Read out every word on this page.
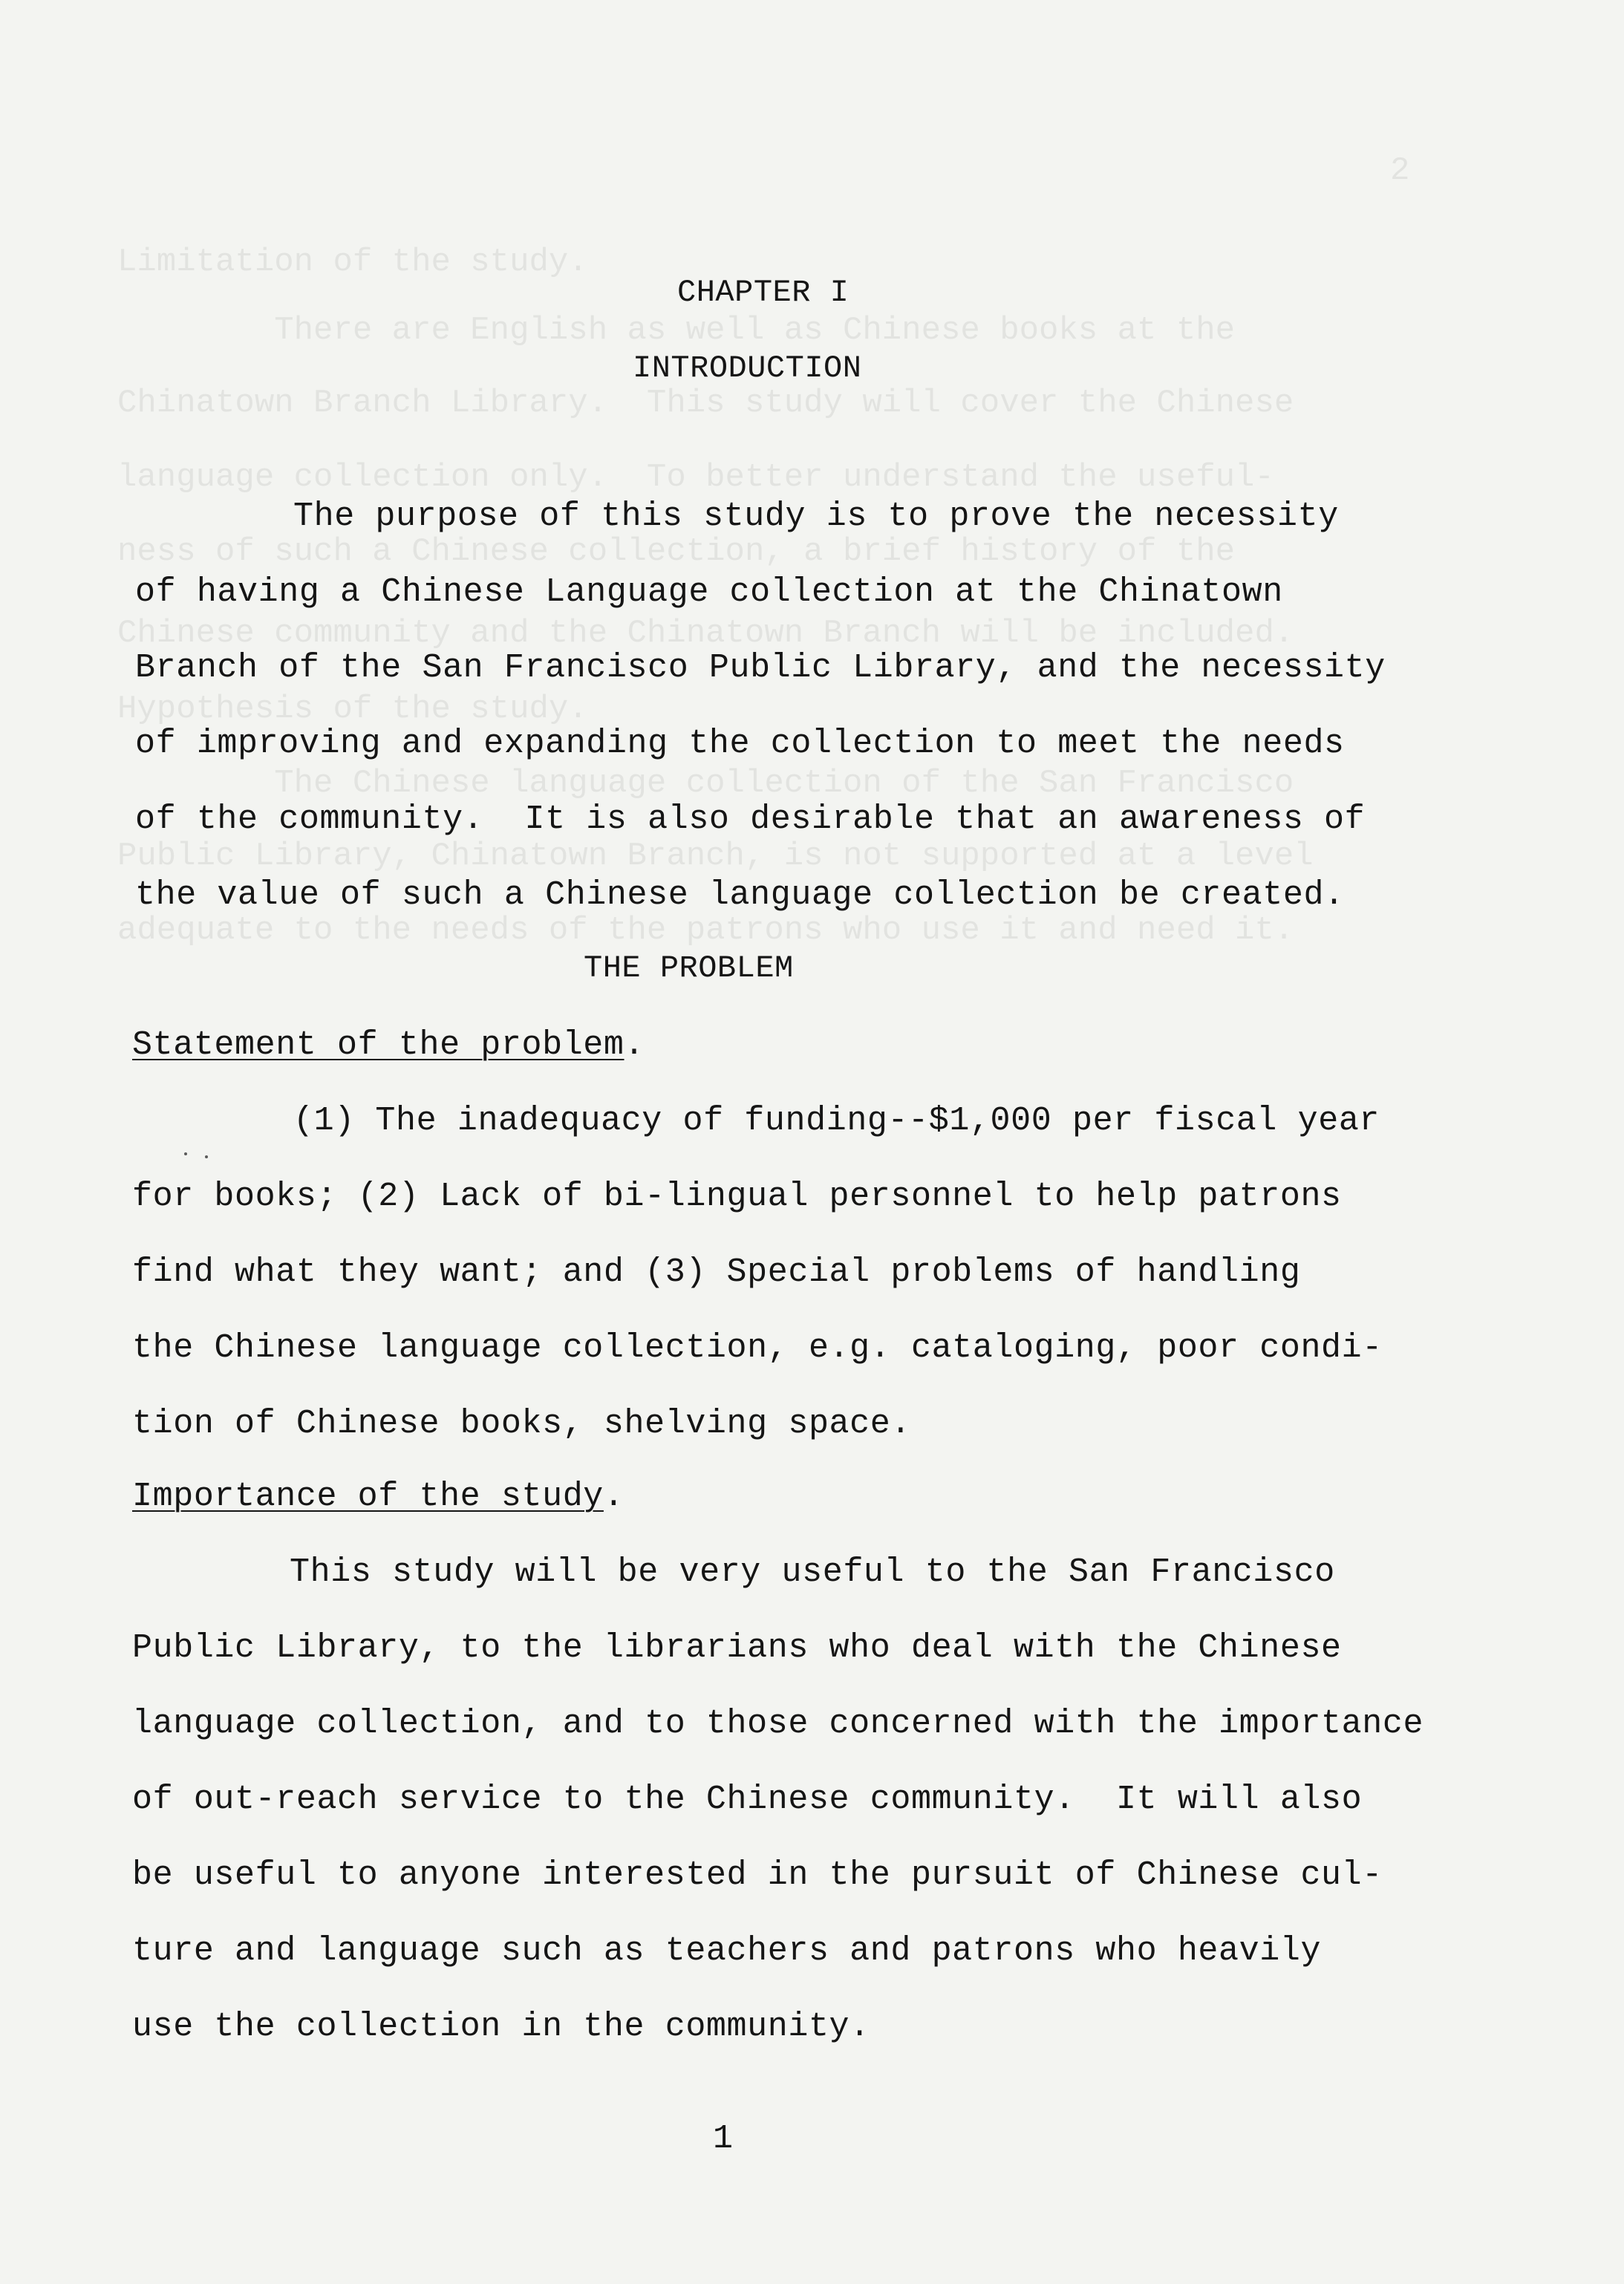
2
Limitation of the study.
There are English as well as Chinese books at the
Chinatown Branch Library.  This study will cover the Chinese
language collection only.  To better understand the useful-
ness of such a Chinese collection, a brief history of the
Chinese community and the Chinatown Branch will be included.
Hypothesis of the study.
The Chinese language collection of the San Francisco
Public Library, Chinatown Branch, is not supported at a level
adequate to the needs of the patrons who use it and need it.
CHAPTER I
INTRODUCTION
The purpose of this study is to prove the necessity
of having a Chinese Language collection at the Chinatown
Branch of the San Francisco Public Library, and the necessity
of improving and expanding the collection to meet the needs
of the community.  It is also desirable that an awareness of
the value of such a Chinese language collection be created.
THE PROBLEM
Statement of the problem.
(1) The inadequacy of funding--$1,000 per fiscal year
for books; (2) Lack of bi-lingual personnel to help patrons
find what they want; and (3) Special problems of handling
the Chinese language collection, e.g. cataloging, poor condi-
tion of Chinese books, shelving space.
Importance of the study.
This study will be very useful to the San Francisco
Public Library, to the librarians who deal with the Chinese
language collection, and to those concerned with the importance
of out-reach service to the Chinese community.  It will also
be useful to anyone interested in the pursuit of Chinese cul-
ture and language such as teachers and patrons who heavily
use the collection in the community.
1
